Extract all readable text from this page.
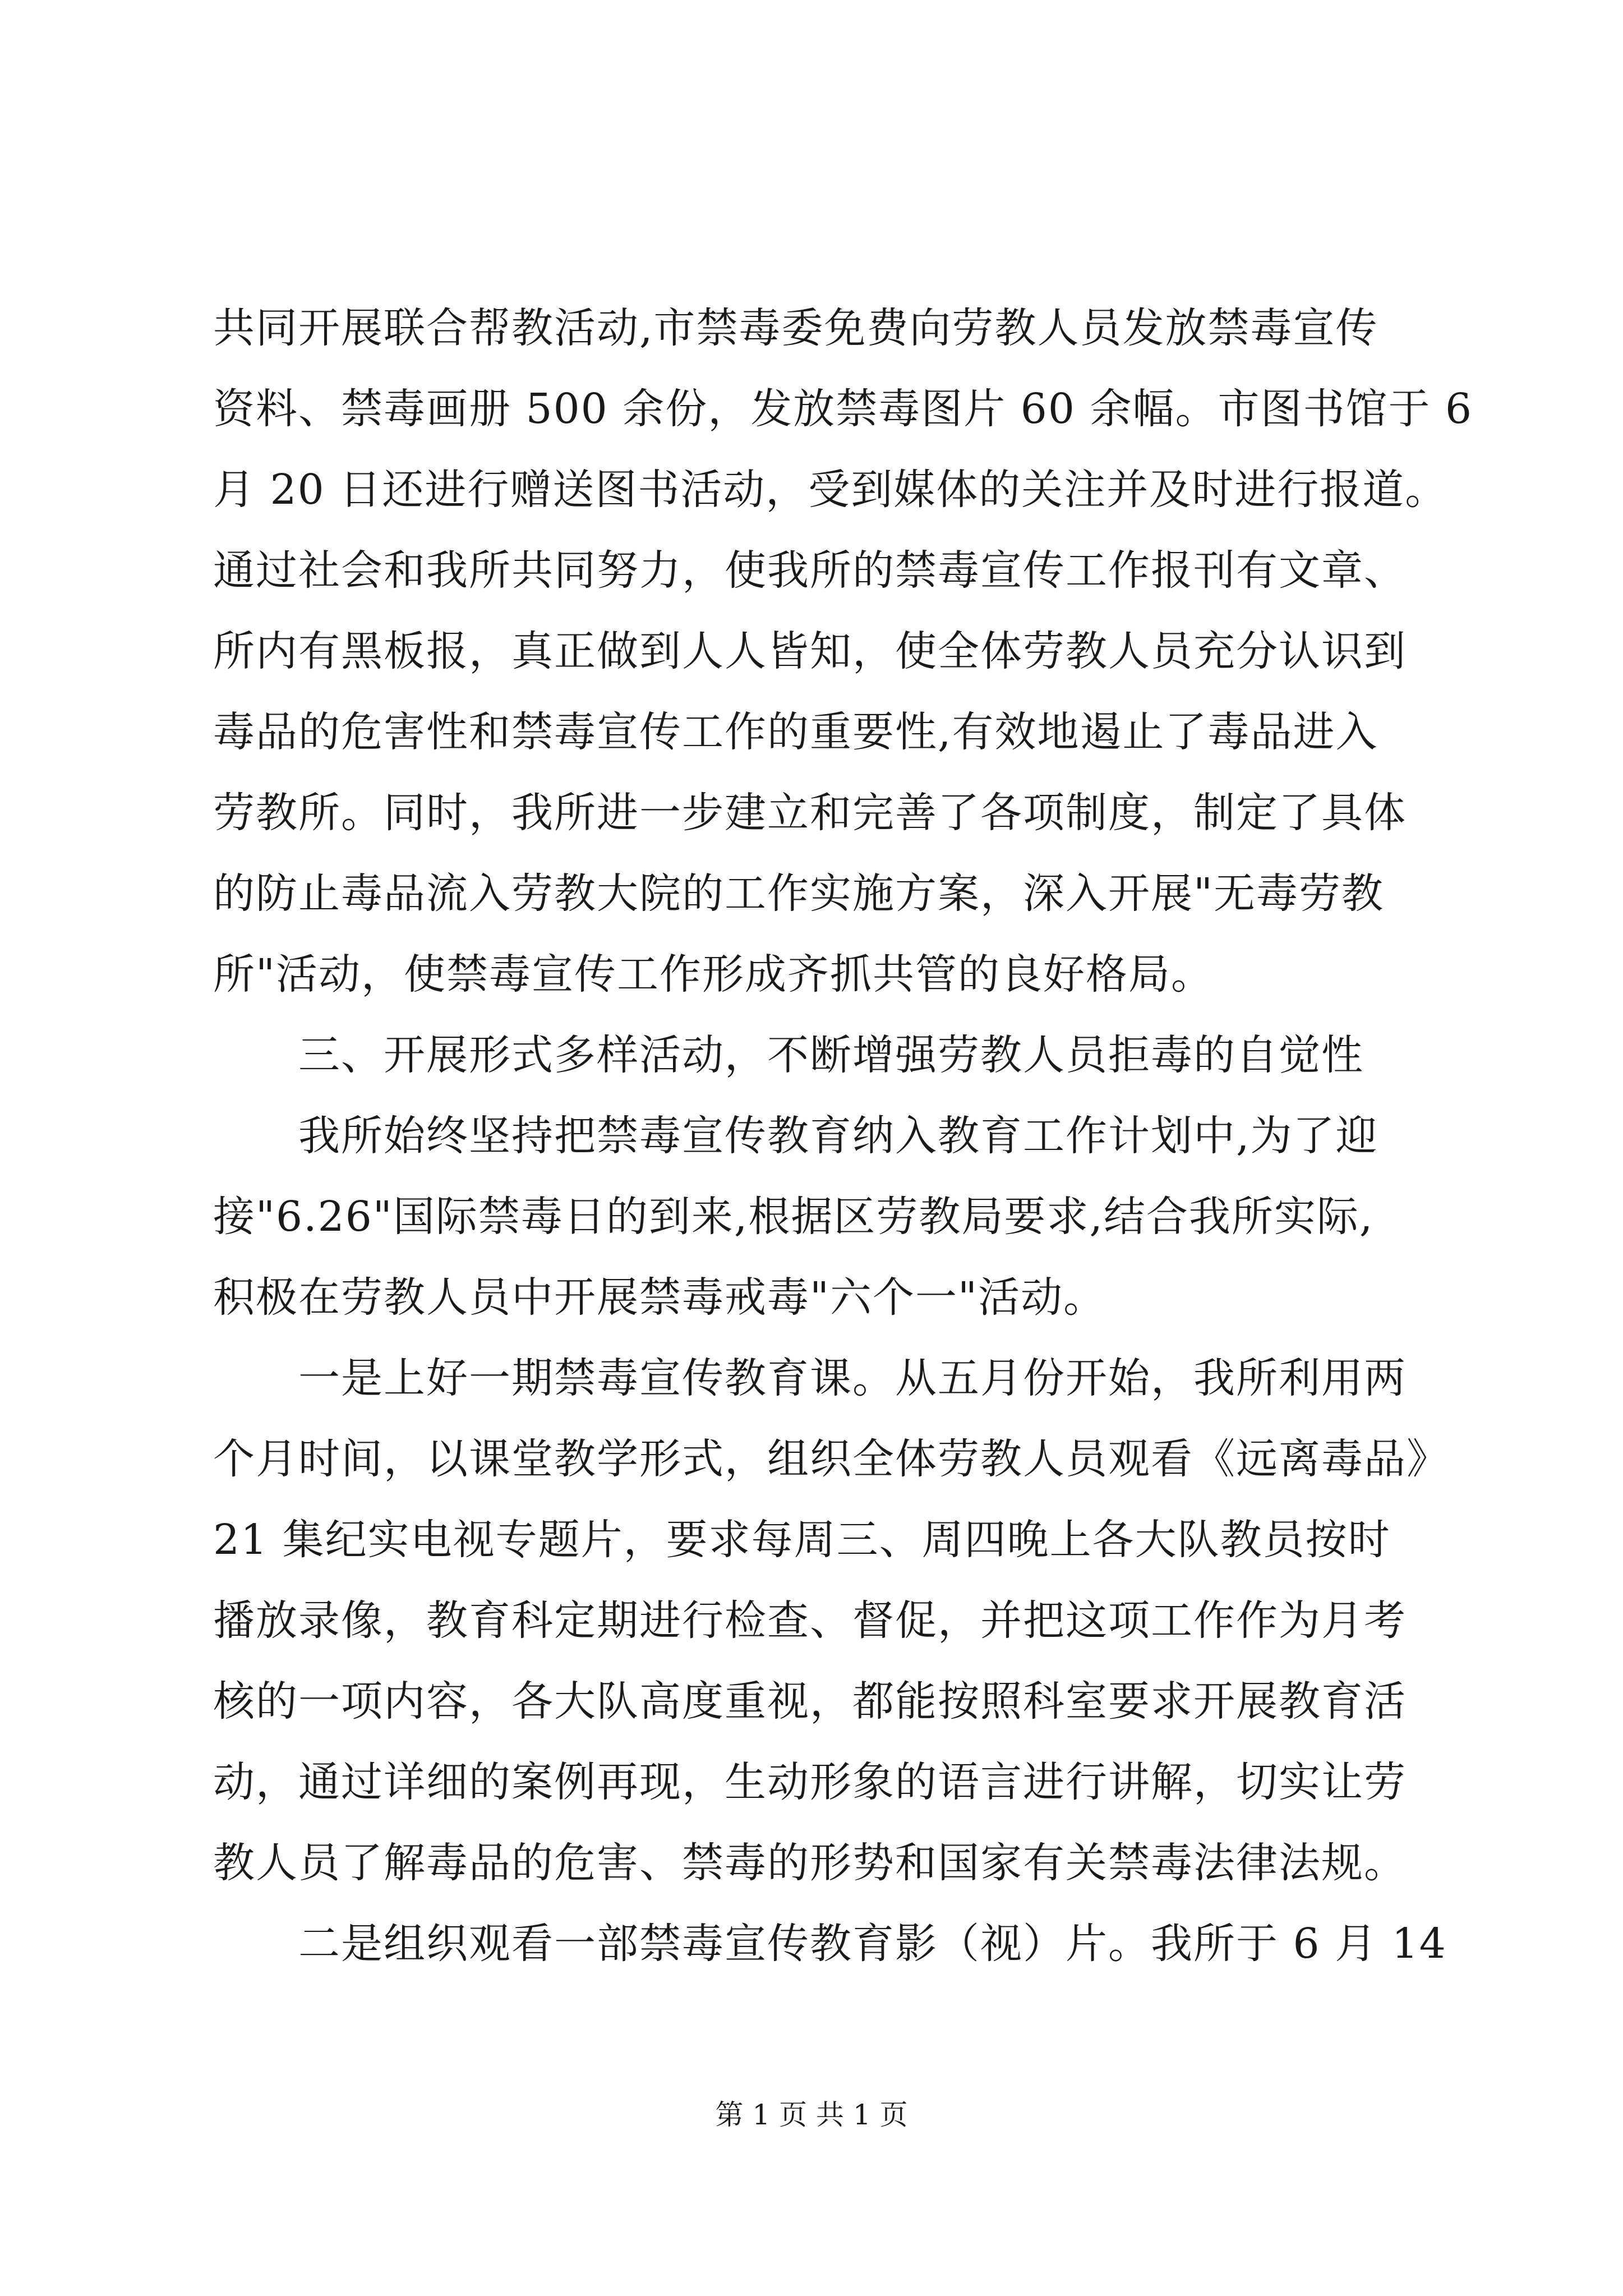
共同开展联合帮教活动,市禁毒委免费向劳教人员发放禁毒宣传
资料、禁毒画册 500 余份，发放禁毒图片 60 余幅。市图书馆于 6
月 20 日还进行赠送图书活动，受到媒体的关注并及时进行报道。
通过社会和我所共同努力，使我所的禁毒宣传工作报刊有文章、
所内有黑板报，真正做到人人皆知，使全体劳教人员充分认识到
毒品的危害性和禁毒宣传工作的重要性,有效地遏止了毒品进入
劳教所。同时，我所进一步建立和完善了各项制度，制定了具体
的防止毒品流入劳教大院的工作实施方案，深入开展"无毒劳教
所"活动，使禁毒宣传工作形成齐抓共管的良好格局。
三、开展形式多样活动，不断增强劳教人员拒毒的自觉性
我所始终坚持把禁毒宣传教育纳入教育工作计划中,为了迎
接"6.26"国际禁毒日的到来,根据区劳教局要求,结合我所实际,
积极在劳教人员中开展禁毒戒毒"六个一"活动。
一是上好一期禁毒宣传教育课。从五月份开始，我所利用两
个月时间，以课堂教学形式，组织全体劳教人员观看《远离毒品》
21 集纪实电视专题片，要求每周三、周四晚上各大队教员按时
播放录像，教育科定期进行检查、督促，并把这项工作作为月考
核的一项内容，各大队高度重视，都能按照科室要求开展教育活
动，通过详细的案例再现，生动形象的语言进行讲解，切实让劳
教人员了解毒品的危害、禁毒的形势和国家有关禁毒法律法规。
二是组织观看一部禁毒宣传教育影（视）片。我所于 6 月 14
第 1 页 共 1 页
